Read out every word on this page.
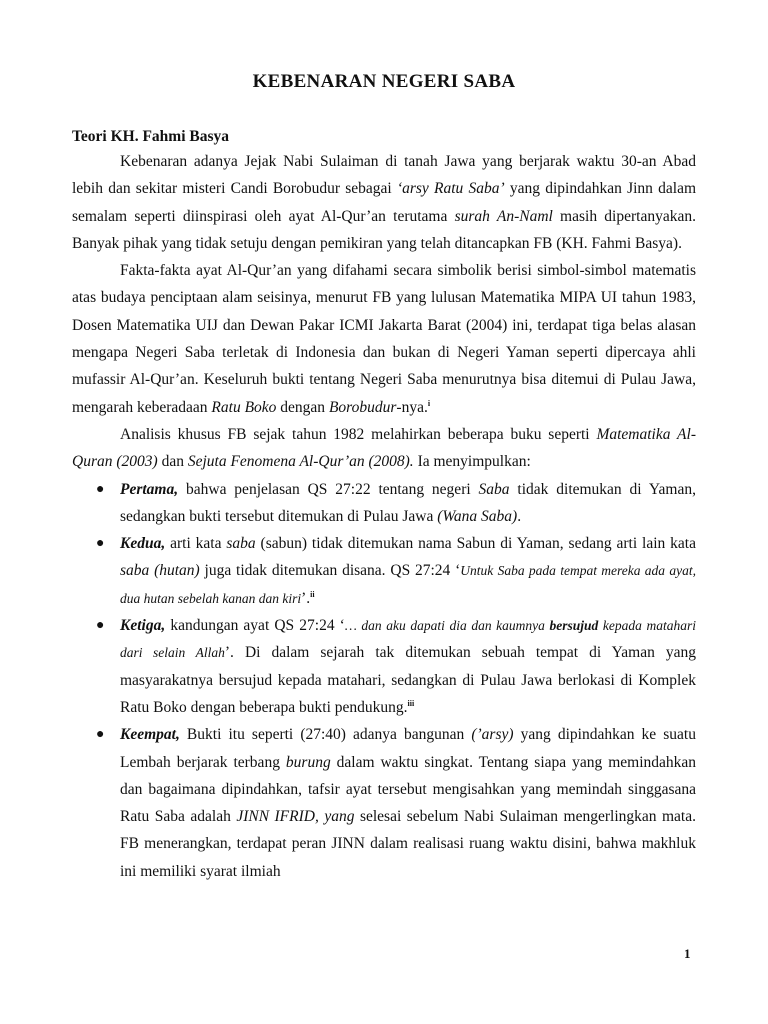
KEBENARAN NEGERI SABA
Teori KH. Fahmi Basya

Kebenaran adanya Jejak Nabi Sulaiman di tanah Jawa yang berjarak waktu 30-an Abad lebih dan sekitar misteri Candi Borobudur sebagai ‘arsy Ratu Saba’ yang dipindahkan Jinn dalam semalam seperti diinspirasi oleh ayat Al-Qur’an terutama surah An-Naml masih dipertanyakan. Banyak pihak yang tidak setuju dengan pemikiran yang telah ditancapkan FB (KH. Fahmi Basya).

Fakta-fakta ayat Al-Qur’an yang difahami secara simbolik berisi simbol-simbol matematis atas budaya penciptaan alam seisinya, menurut FB yang lulusan Matematika MIPA UI tahun 1983, Dosen Matematika UIJ dan Dewan Pakar ICMI Jakarta Barat (2004) ini, terdapat tiga belas alasan mengapa Negeri Saba terletak di Indonesia dan bukan di Negeri Yaman seperti dipercaya ahli mufassir Al-Qur’an. Keseluruh bukti tentang Negeri Saba menurutnya bisa ditemui di Pulau Jawa, mengarah keberadaan Ratu Boko dengan Borobudur-nya.$^i$

Analisis khusus FB sejak tahun 1982 melahirkan beberapa buku seperti Matematika Al-Quran (2003) dan Sejuta Fenomena Al-Qur’an (2008). Ia menyimpulkan:

● Pertama, bahwa penjelasan QS 27:22 tentang negeri Saba tidak ditemukan di Yaman, sedangkan bukti tersebut ditemukan di Pulau Jawa (Wana Saba).
● Kedua, arti kata saba (sabun) tidak ditemukan nama Sabun di Yaman, sedang arti lain kata saba (hutan) juga tidak ditemukan disana. QS 27:24 ‘Untuk Saba pada tempat mereka ada ayat, dua hutan sebelah kanan dan kiri’.$^{ii}$
● Ketiga, kandungan ayat QS 27:24 ‘… dan aku dapati dia dan kaumnya bersujud kepada matahari dari selain Allah’. Di dalam sejarah tak ditemukan sebuah tempat di Yaman yang masyarakatnya bersujud kepada matahari, sedangkan di Pulau Jawa berlokasi di Komplek Ratu Boko dengan beberapa bukti pendukung.$^{iii}$
● Keempat, Bukti itu seperti (27:40) adanya bangunan (’arsy) yang dipindahkan ke suatu Lembah berjarak terbang burung dalam waktu singkat. Tentang siapa yang memindahkan dan bagaimana dipindahkan, tafsir ayat tersebut mengisahkan yang memindah singgasana Ratu Saba adalah JINN IFRID, yang selesai sebelum Nabi Sulaiman mengerlingkan mata. FB menerangkan, terdapat peran JINN dalam realisasi ruang waktu disini, bahwa makhluk ini memiliki syarat ilmiah
1
